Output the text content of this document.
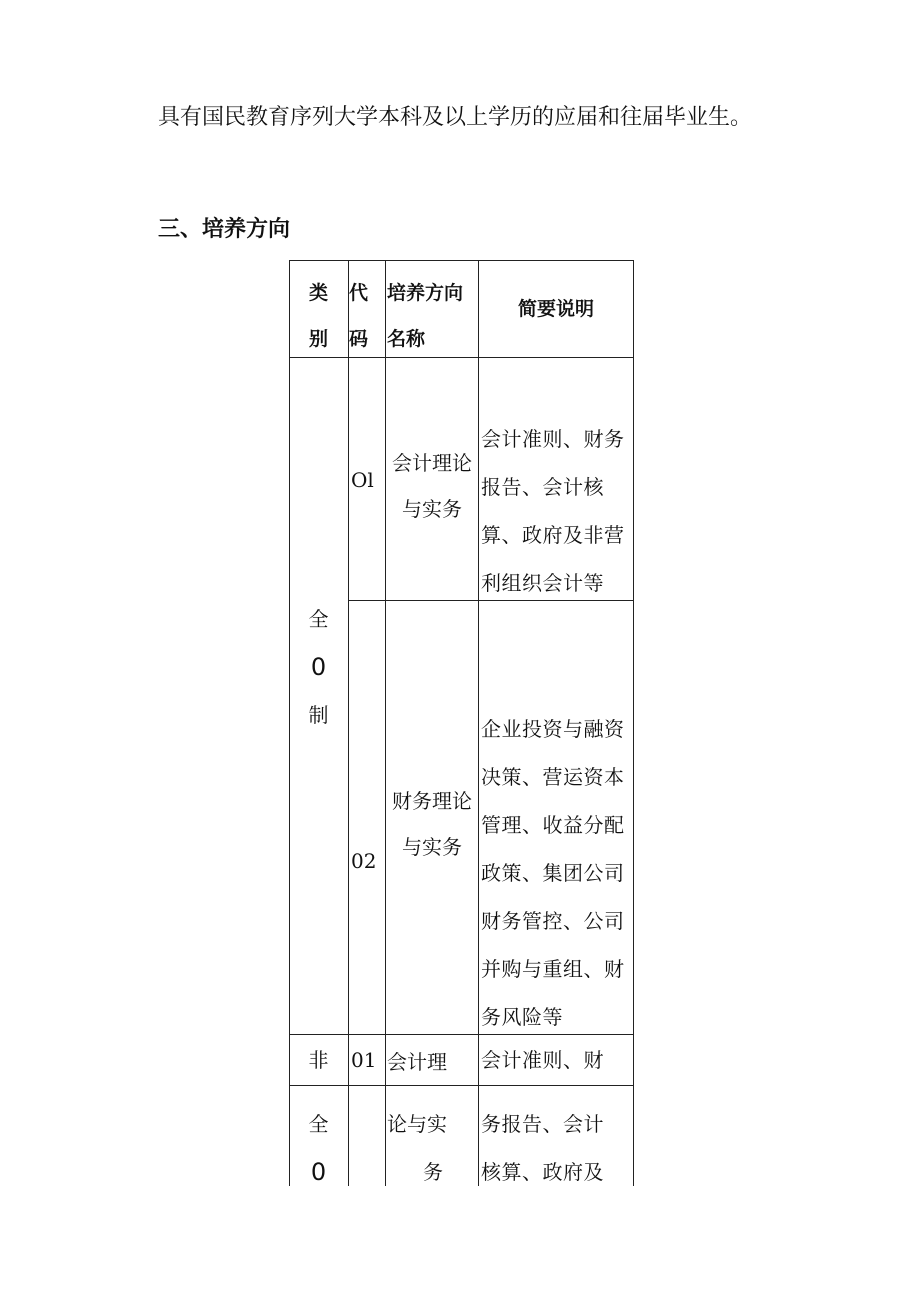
具有国民教育序列大学本科及以上学历的应届和往届毕业生。
三、培养方向
类
别
代
码
培养方向
名称
简要说明
全
0
制
Ol
会计理论
与实务
会计准则、财务
报告、会计核
算、政府及非营
利组织会计等
02
财务理论
与实务
企业投资与融资
决策、营运资本
管理、收益分配
政策、集团公司
财务管控、公司
并购与重组、财
务风险等
非 01 会计理 会计准则、财
全
0
论与实
务
务报告、会计
核算、政府及
